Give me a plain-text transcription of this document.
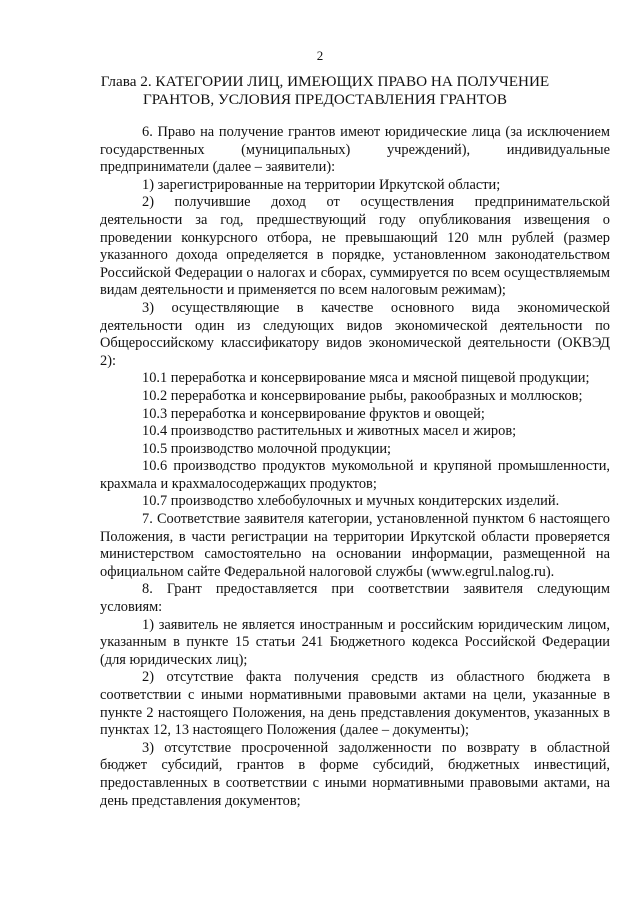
2
Глава 2. КАТЕГОРИИ ЛИЦ, ИМЕЮЩИХ ПРАВО НА ПОЛУЧЕНИЕ
ГРАНТОВ, УСЛОВИЯ ПРЕДОСТАВЛЕНИЯ ГРАНТОВ

6. Право на получение грантов имеют юридические лица (за исключением государственных (муниципальных) учреждений), индивидуальные предприниматели (далее – заявители):

1) зарегистрированные на территории Иркутской области;

2) получившие доход от осуществления предпринимательской деятельности за год, предшествующий году опубликования извещения о проведении конкурсного отбора, не превышающий 120 млн рублей (размер указанного дохода определяется в порядке, установленном законодательством Российской Федерации о налогах и сборах, суммируется по всем осуществляемым видам деятельности и применяется по всем налоговым режимам);

3) осуществляющие в качестве основного вида экономической деятельности один из следующих видов экономической деятельности по Общероссийскому классификатору видов экономической деятельности (ОКВЭД 2):

10.1 переработка и консервирование мяса и мясной пищевой продукции;

10.2 переработка и консервирование рыбы, ракообразных и моллюсков;

10.3 переработка и консервирование фруктов и овощей;

10.4 производство растительных и животных масел и жиров;

10.5 производство молочной продукции;

10.6 производство продуктов мукомольной и крупяной промышленности, крахмала и крахмалосодержащих продуктов;

10.7 производство хлебобулочных и мучных кондитерских изделий.

7. Соответствие заявителя категории, установленной пунктом 6 настоящего Положения, в части регистрации на территории Иркутской области проверяется министерством самостоятельно на основании информации, размещенной на официальном сайте Федеральной налоговой службы (www.egrul.nalog.ru).

8. Грант предоставляется при соответствии заявителя следующим условиям:

1) заявитель не является иностранным и российским юридическим лицом, указанным в пункте 15 статьи 241 Бюджетного кодекса Российской Федерации (для юридических лиц);

2) отсутствие факта получения средств из областного бюджета в соответствии с иными нормативными правовыми актами на цели, указанные в пункте 2 настоящего Положения, на день представления документов, указанных в пунктах 12, 13 настоящего Положения (далее – документы);

3) отсутствие просроченной задолженности по возврату в областной бюджет субсидий, грантов в форме субсидий, бюджетных инвестиций, предоставленных в соответствии с иными нормативными правовыми актами, на день представления документов;
